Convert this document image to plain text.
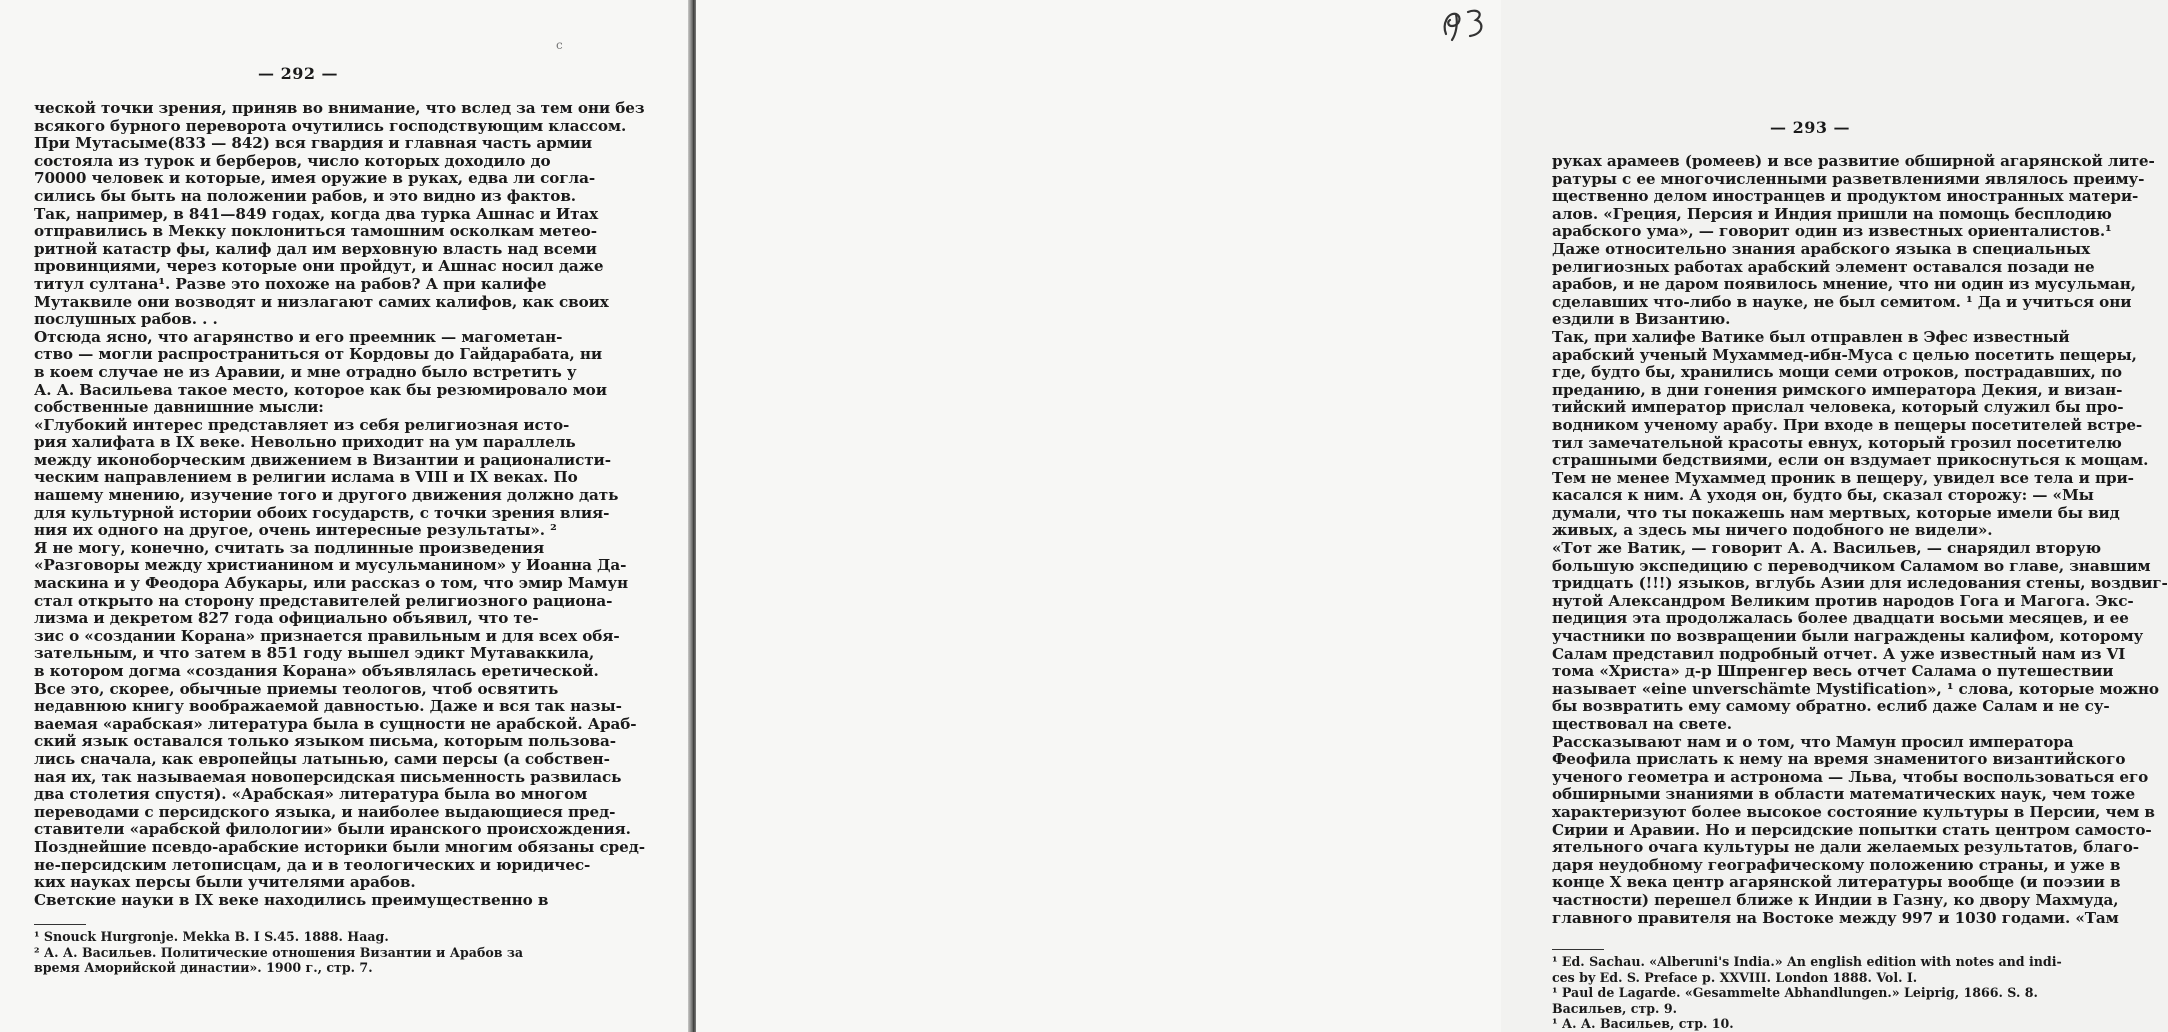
— 292 —
c
ческой точки зрения, приняв во внимание, что вслед за тем они без
всякого бурного переворота очутились господствующим классом.
При Мутасыме(833 — 842) вся гвардия и главная часть армии
состояла из турок и берберов, число которых доходило до
70000 человек и которые, имея оружие в руках, едва ли согла-
сились бы быть на положении рабов, и это видно из фактов.
Так, например, в 841—849 годах, когда два турка Ашнас и Итах
отправились в Мекку поклониться тамошним осколкам метео-
ритной катастр фы, калиф дал им верховную власть над всеми
провинциями, через которые они пройдут, и Ашнас носил даже
титул султана¹. Разве это похоже на рабов? А при калифе
Мутаквиле они возводят и низлагают самих калифов, как своих
послушных рабов. . .
Отсюда ясно, что агарянство и его преемник — магометан-
ство — могли распространиться от Кордовы до Гайдарабата, ни
в коем случае не из Аравии, и мне отрадно было встретить у
А. А. Васильева такое место, которое как бы резюмировало мои
собственные давнишние мысли:
«Глубокий интерес представляет из себя религиозная исто-
рия халифата в IX веке. Невольно приходит на ум параллель
между иконоборческим движением в Византии и рационалисти-
ческим направлением в религии ислама в VIII и IX веках. По
нашему мнению, изучение того и другого движения должно дать
для культурной истории обоих государств, с точки зрения влия-
ния их одного на другое, очень интересные результаты». ²
Я не могу, конечно, считать за подлинные произведения
«Разговоры между христианином и мусульманином» у Иоанна Да-
маскина и у Феодора Абукары, или рассказ о том, что эмир Мамун
стал открыто на сторону представителей религиозного рациона-
лизма и декретом 827 года официально объявил, что те-
зис о «создании Корана» признается правильным и для всех обя-
зательным, и что затем в 851 году вышел эдикт Мутаваккила,
в котором догма «создания Корана» объявлялась еретической.
Все это, скорее, обычные приемы теологов, чтоб освятить
недавнюю книгу воображаемой давностью. Даже и вся так назы-
ваемая «арабская» литература была в сущности не арабской. Араб-
ский язык оставался только языком письма, которым пользова-
лись сначала, как европейцы латынью, сами персы (а собствен-
ная их, так называемая новоперсидская письменность развилась
два столетия спустя). «Арабская» литература была во многом
переводами с персидского языка, и наиболее выдающиеся пред-
ставители «арабской филологии» были иранского происхождения.
Позднейшие псевдо-арабские историки были многим обязаны сред-
не-персидским летописцам, да и в теологических и юридичес-
ких науках персы были учителями арабов.
Светские науки в IX веке находились преимущественно в
¹ Snouck Hurgronje. Mekka B. I S.45. 1888. Haag.
² А. А. Васильев. Политические отношения Византии и Арабов за
время Аморийской династии». 1900 г., стр. 7.
— 293 —
руках арамеев (ромеев) и все развитие обширной агарянской лите-
ратуры с ее многочисленными разветвлениями являлось преиму-
щественно делом иностранцев и продуктом иностранных матери-
алов. «Греция, Персия и Индия пришли на помощь бесплодию
арабского ума», — говорит один из известных ориенталистов.¹
Даже относительно знания арабского языка в специальных
религиозных работах арабский элемент оставался позади не
арабов, и не даром появилось мнение, что ни один из мусульман,
сделавших что-либо в науке, не был семитом. ¹ Да и учиться они
ездили в Византию.
Так, при халифе Ватике был отправлен в Эфес известный
арабский ученый Мухаммед-ибн-Муса с целью посетить пещеры,
где, будто бы, хранились мощи семи отроков, пострадавших, по
преданию, в дни гонения римского императора Декия, и визан-
тийский император прислал человека, который служил бы про-
водником ученому арабу. При входе в пещеры посетителей встре-
тил замечательной красоты евнух, который грозил посетителю
страшными бедствиями, если он вздумает прикоснуться к мощам.
Тем не менее Мухаммед проник в пещеру, увидел все тела и при-
касался к ним. А уходя он, будто бы, сказал сторожу: — «Мы
думали, что ты покажешь нам мертвых, которые имели бы вид
живых, а здесь мы ничего подобного не видели».
«Тот же Ватик, — говорит А. А. Васильев, — снарядил вторую
большую экспедицию с переводчиком Саламом во главе, знавшим
тридцать (!!!) языков, вглубь Азии для иследования стены, воздвиг-
нутой Александром Великим против народов Гога и Магога. Экс-
педиция эта продолжалась более двадцати восьми месяцев, и ее
участники по возвращении были награждены калифом, которому
Салам представил подробный отчет. А уже известный нам из VI
тома «Христа» д-р Шпренгер весь отчет Салама о путешествии
называет «eine unverschämte Mystification», ¹ слова, которые можно
бы возвратить ему самому обратно. еслиб даже Салам и не су-
ществовал на свете.
Рассказывают нам и о том, что Мамун просил императора
Феофила прислать к нему на время знаменитого византийского
ученого геометра и астронома — Льва, чтобы воспользоваться его
обширными знаниями в области математических наук, чем тоже
характеризуют более высокое состояние культуры в Персии, чем в
Сирии и Аравии. Но и персидские попытки стать центром самосто-
ятельного очага культуры не дали желаемых результатов, благо-
даря неудобному географическому положению страны, и уже в
конце X века центр агарянской литературы вообще (и поэзии в
частности) перешел ближе к Индии в Газну, ко двору Махмуда,
главного правителя на Востоке между 997 и 1030 годами. «Там
¹ Ed. Sachau. «Alberuni's India.» An english edition with notes and indi-
ces by Ed. S. Preface p. XXVIII. London 1888. Vol. I.
¹ Paul de Lagarde. «Gesammelte Abhandlungen.» Leiprig, 1866. S. 8.
Васильев, стр. 9.
¹ А. А. Васильев, стр. 10.
